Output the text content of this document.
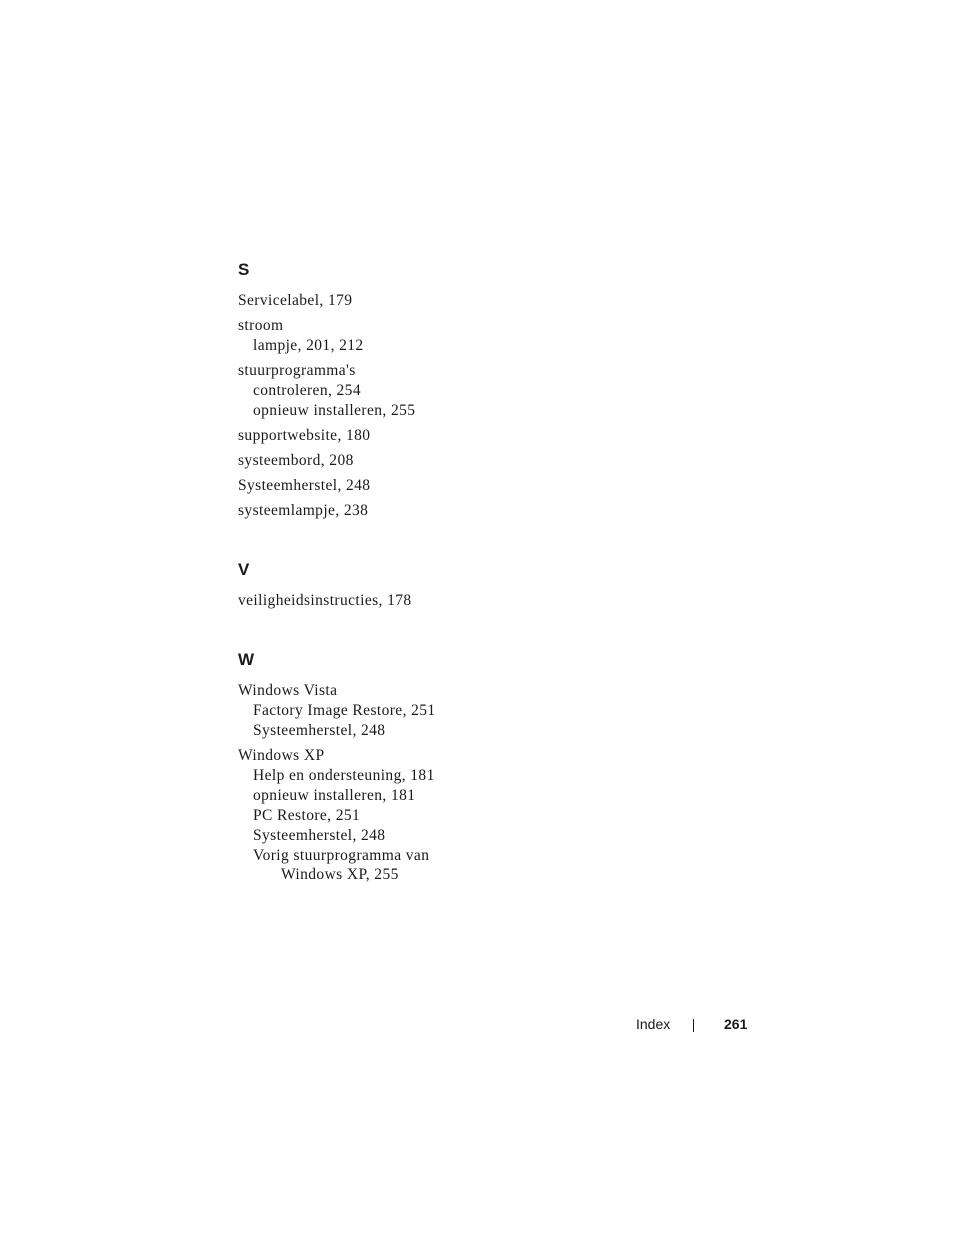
S
Servicelabel, 179
stroom
lampje, 201, 212
stuurprogramma's
controleren, 254
opnieuw installeren, 255
supportwebsite, 180
systeembord, 208
Systeemherstel, 248
systeemlampje, 238
V
veiligheidsinstructies, 178
W
Windows Vista
Factory Image Restore, 251
Systeemherstel, 248
Windows XP
Help en ondersteuning, 181
opnieuw installeren, 181
PC Restore, 251
Systeemherstel, 248
Vorig stuurprogramma van
Windows XP, 255
Index	261
